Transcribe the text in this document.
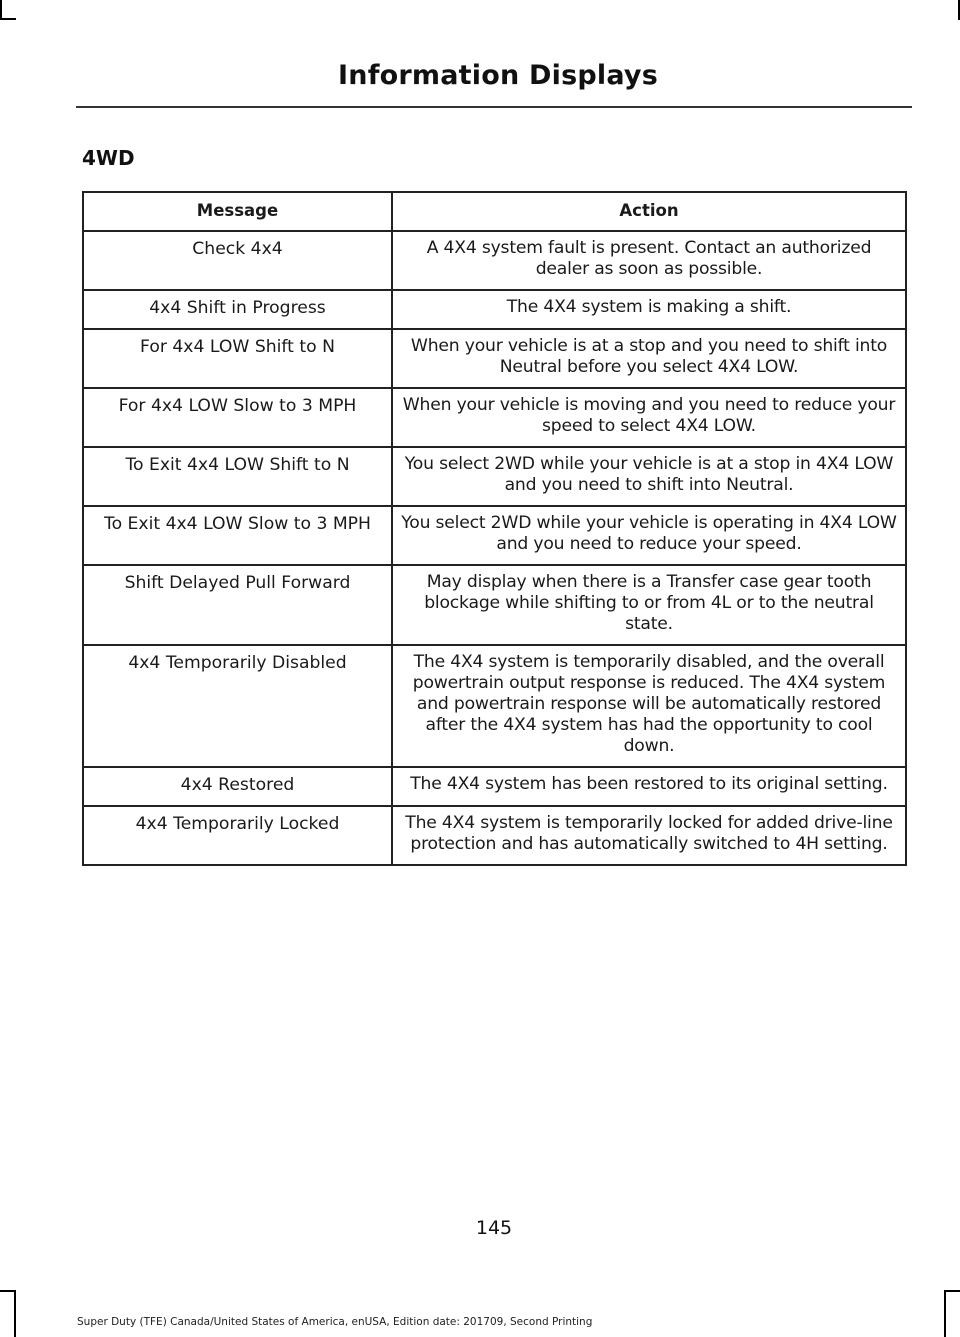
Information Displays
4WD
Message	Action
Check 4x4	A 4X4 system fault is present. Contact an authorized dealer as soon as possible.
4x4 Shift in Progress	The 4X4 system is making a shift.
For 4x4 LOW Shift to N	When your vehicle is at a stop and you need to shift into Neutral before you select 4X4 LOW.
For 4x4 LOW Slow to 3 MPH	When your vehicle is moving and you need to reduce your speed to select 4X4 LOW.
To Exit 4x4 LOW Shift to N	You select 2WD while your vehicle is at a stop in 4X4 LOW and you need to shift into Neutral.
To Exit 4x4 LOW Slow to 3 MPH	You select 2WD while your vehicle is operating in 4X4 LOW and you need to reduce your speed.
Shift Delayed Pull Forward	May display when there is a Transfer case gear tooth blockage while shifting to or from 4L or to the neutral state.
4x4 Temporarily Disabled	The 4X4 system is temporarily disabled, and the overall powertrain output response is reduced. The 4X4 system and powertrain response will be automatically restored after the 4X4 system has had the opportunity to cool down.
4x4 Restored	The 4X4 system has been restored to its original setting.
4x4 Temporarily Locked	The 4X4 system is temporarily locked for added drive-line protection and has automatically switched to 4H setting.
145
Super Duty (TFE) Canada/United States of America, enUSA, Edition date: 201709, Second Printing
